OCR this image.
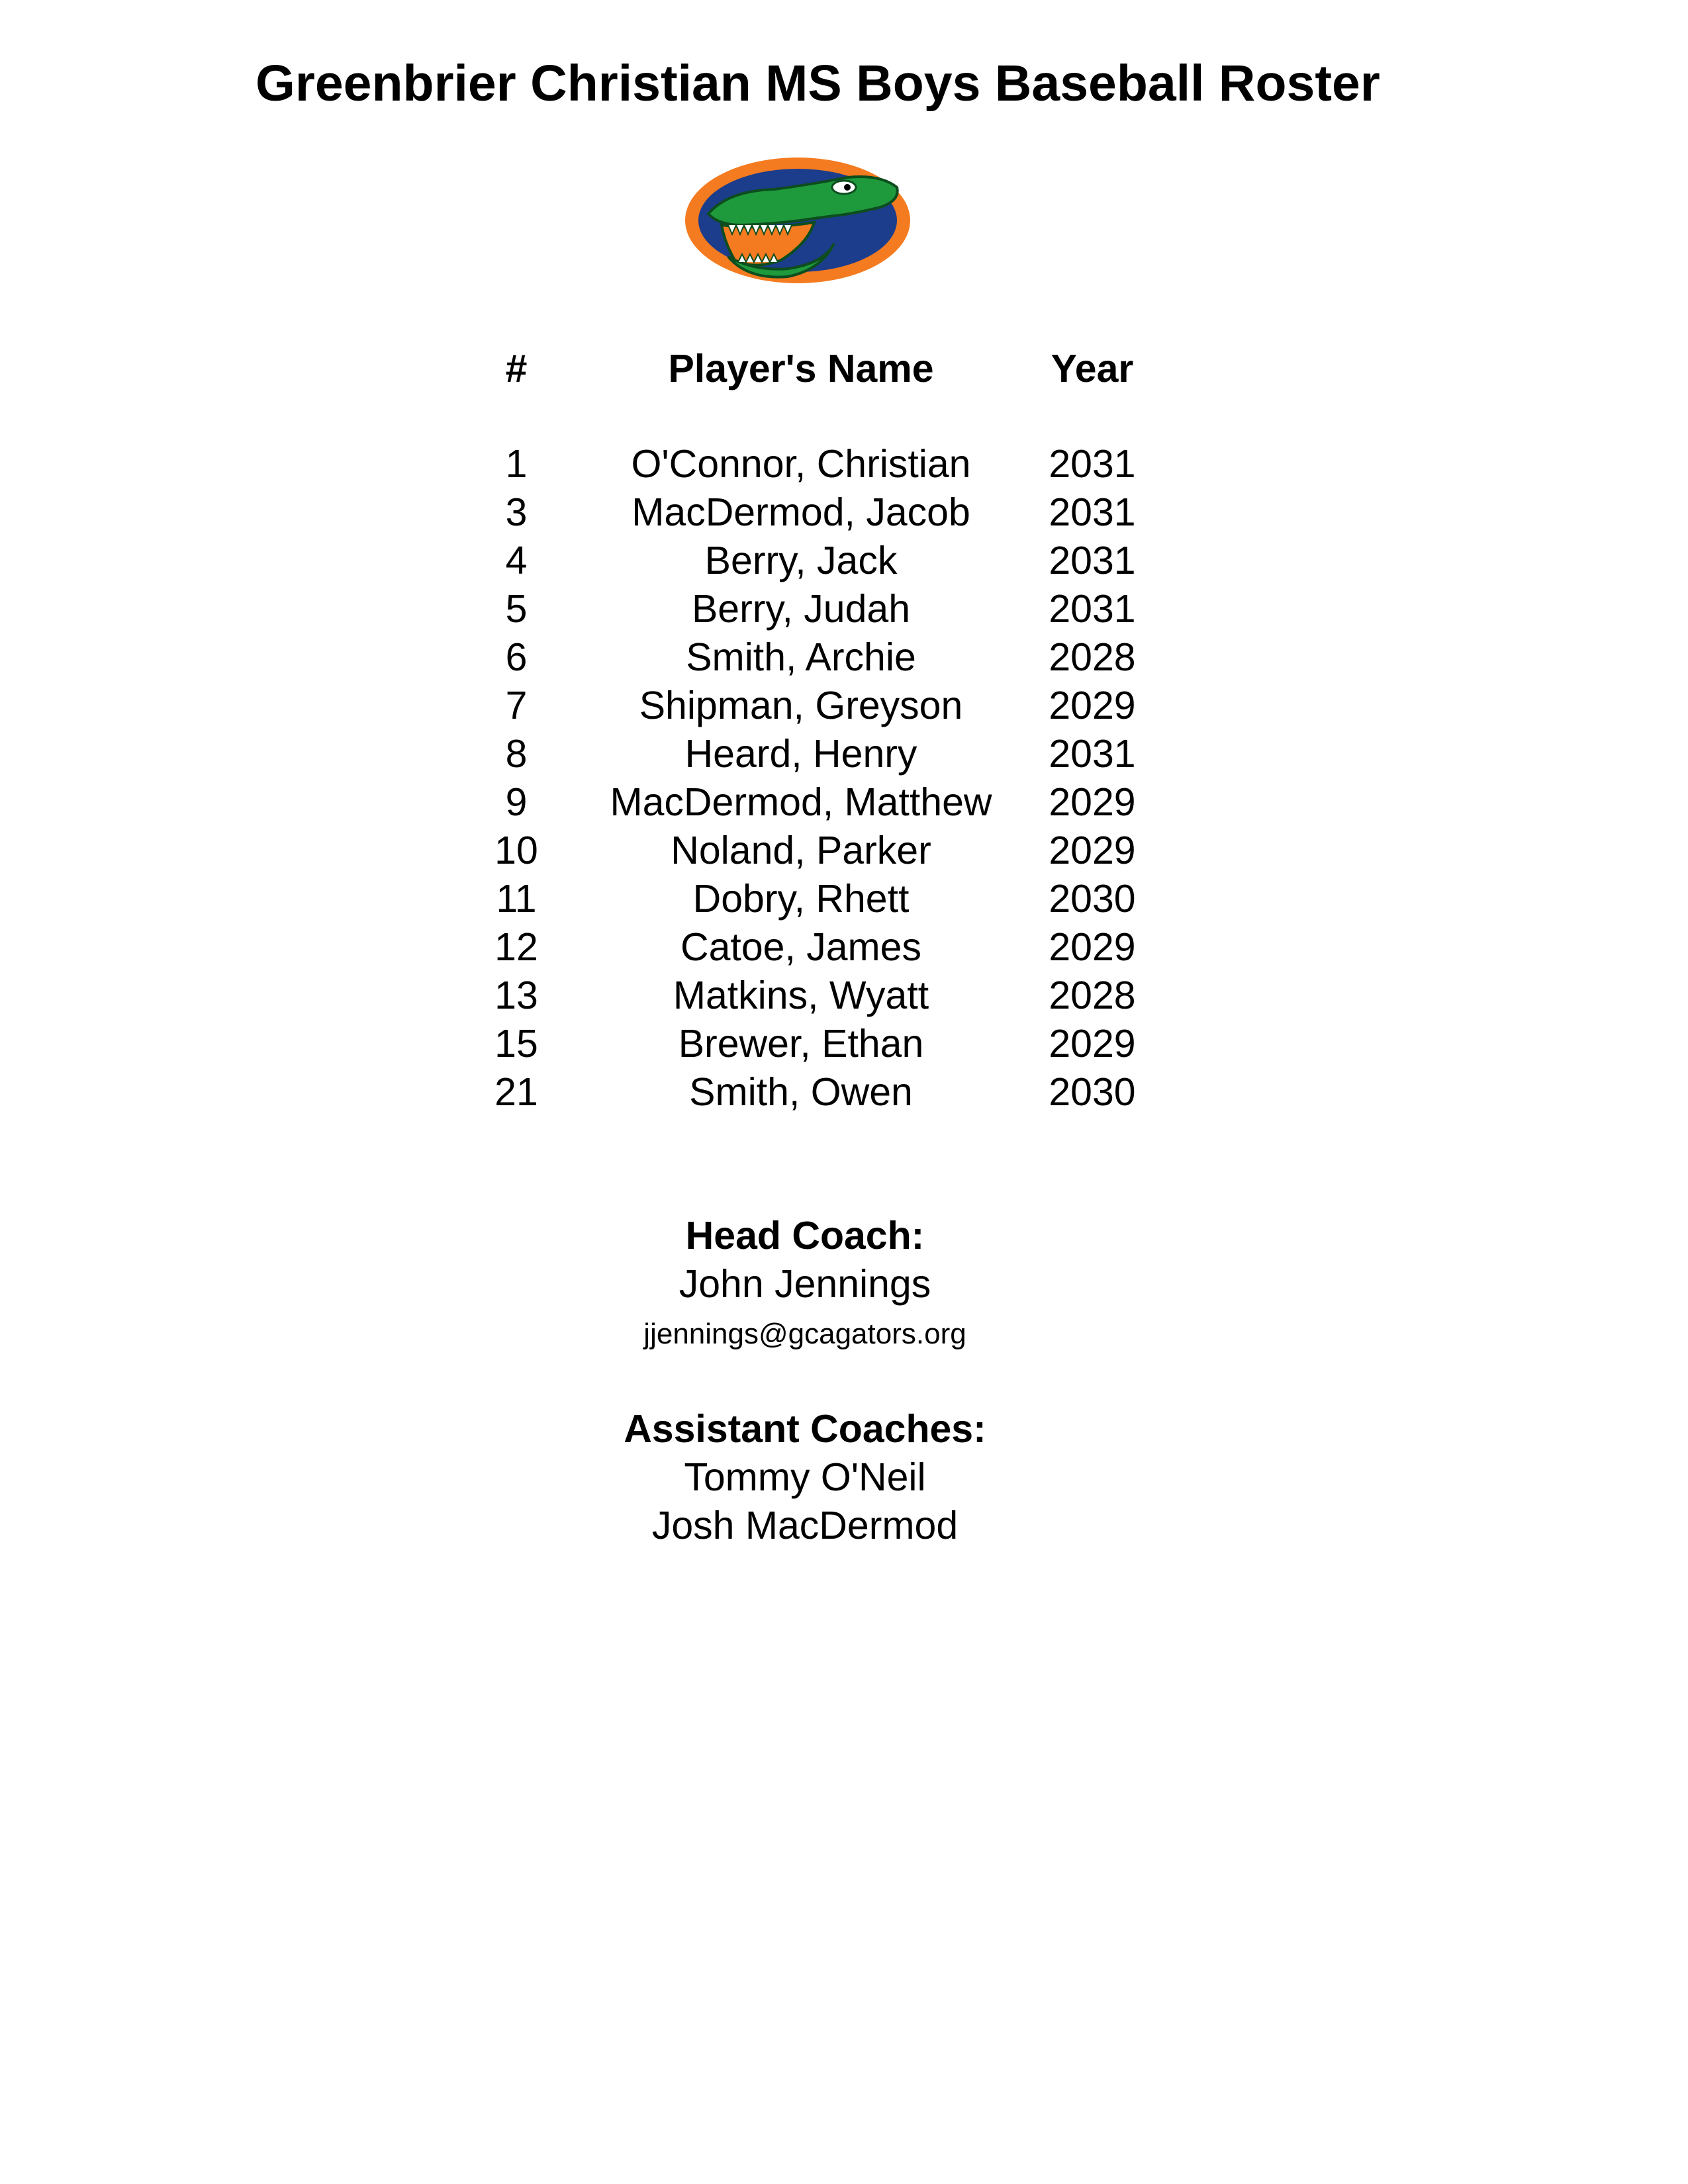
Greenbrier Christian MS Boys Baseball Roster
#	Player's Name	Year
1	O'Connor, Christian	2031
3	MacDermod, Jacob	2031
4	Berry, Jack	2031
5	Berry, Judah	2031
6	Smith, Archie	2028
7	Shipman, Greyson	2029
8	Heard, Henry	2031
9	MacDermod, Matthew	2029
10	Noland, Parker	2029
11	Dobry, Rhett	2030
12	Catoe, James	2029
13	Matkins, Wyatt	2028
15	Brewer, Ethan	2029
21	Smith, Owen	2030
Head Coach:
John Jennings
jjennings@gcagators.org
Assistant Coaches:
Tommy O'Neil
Josh MacDermod
